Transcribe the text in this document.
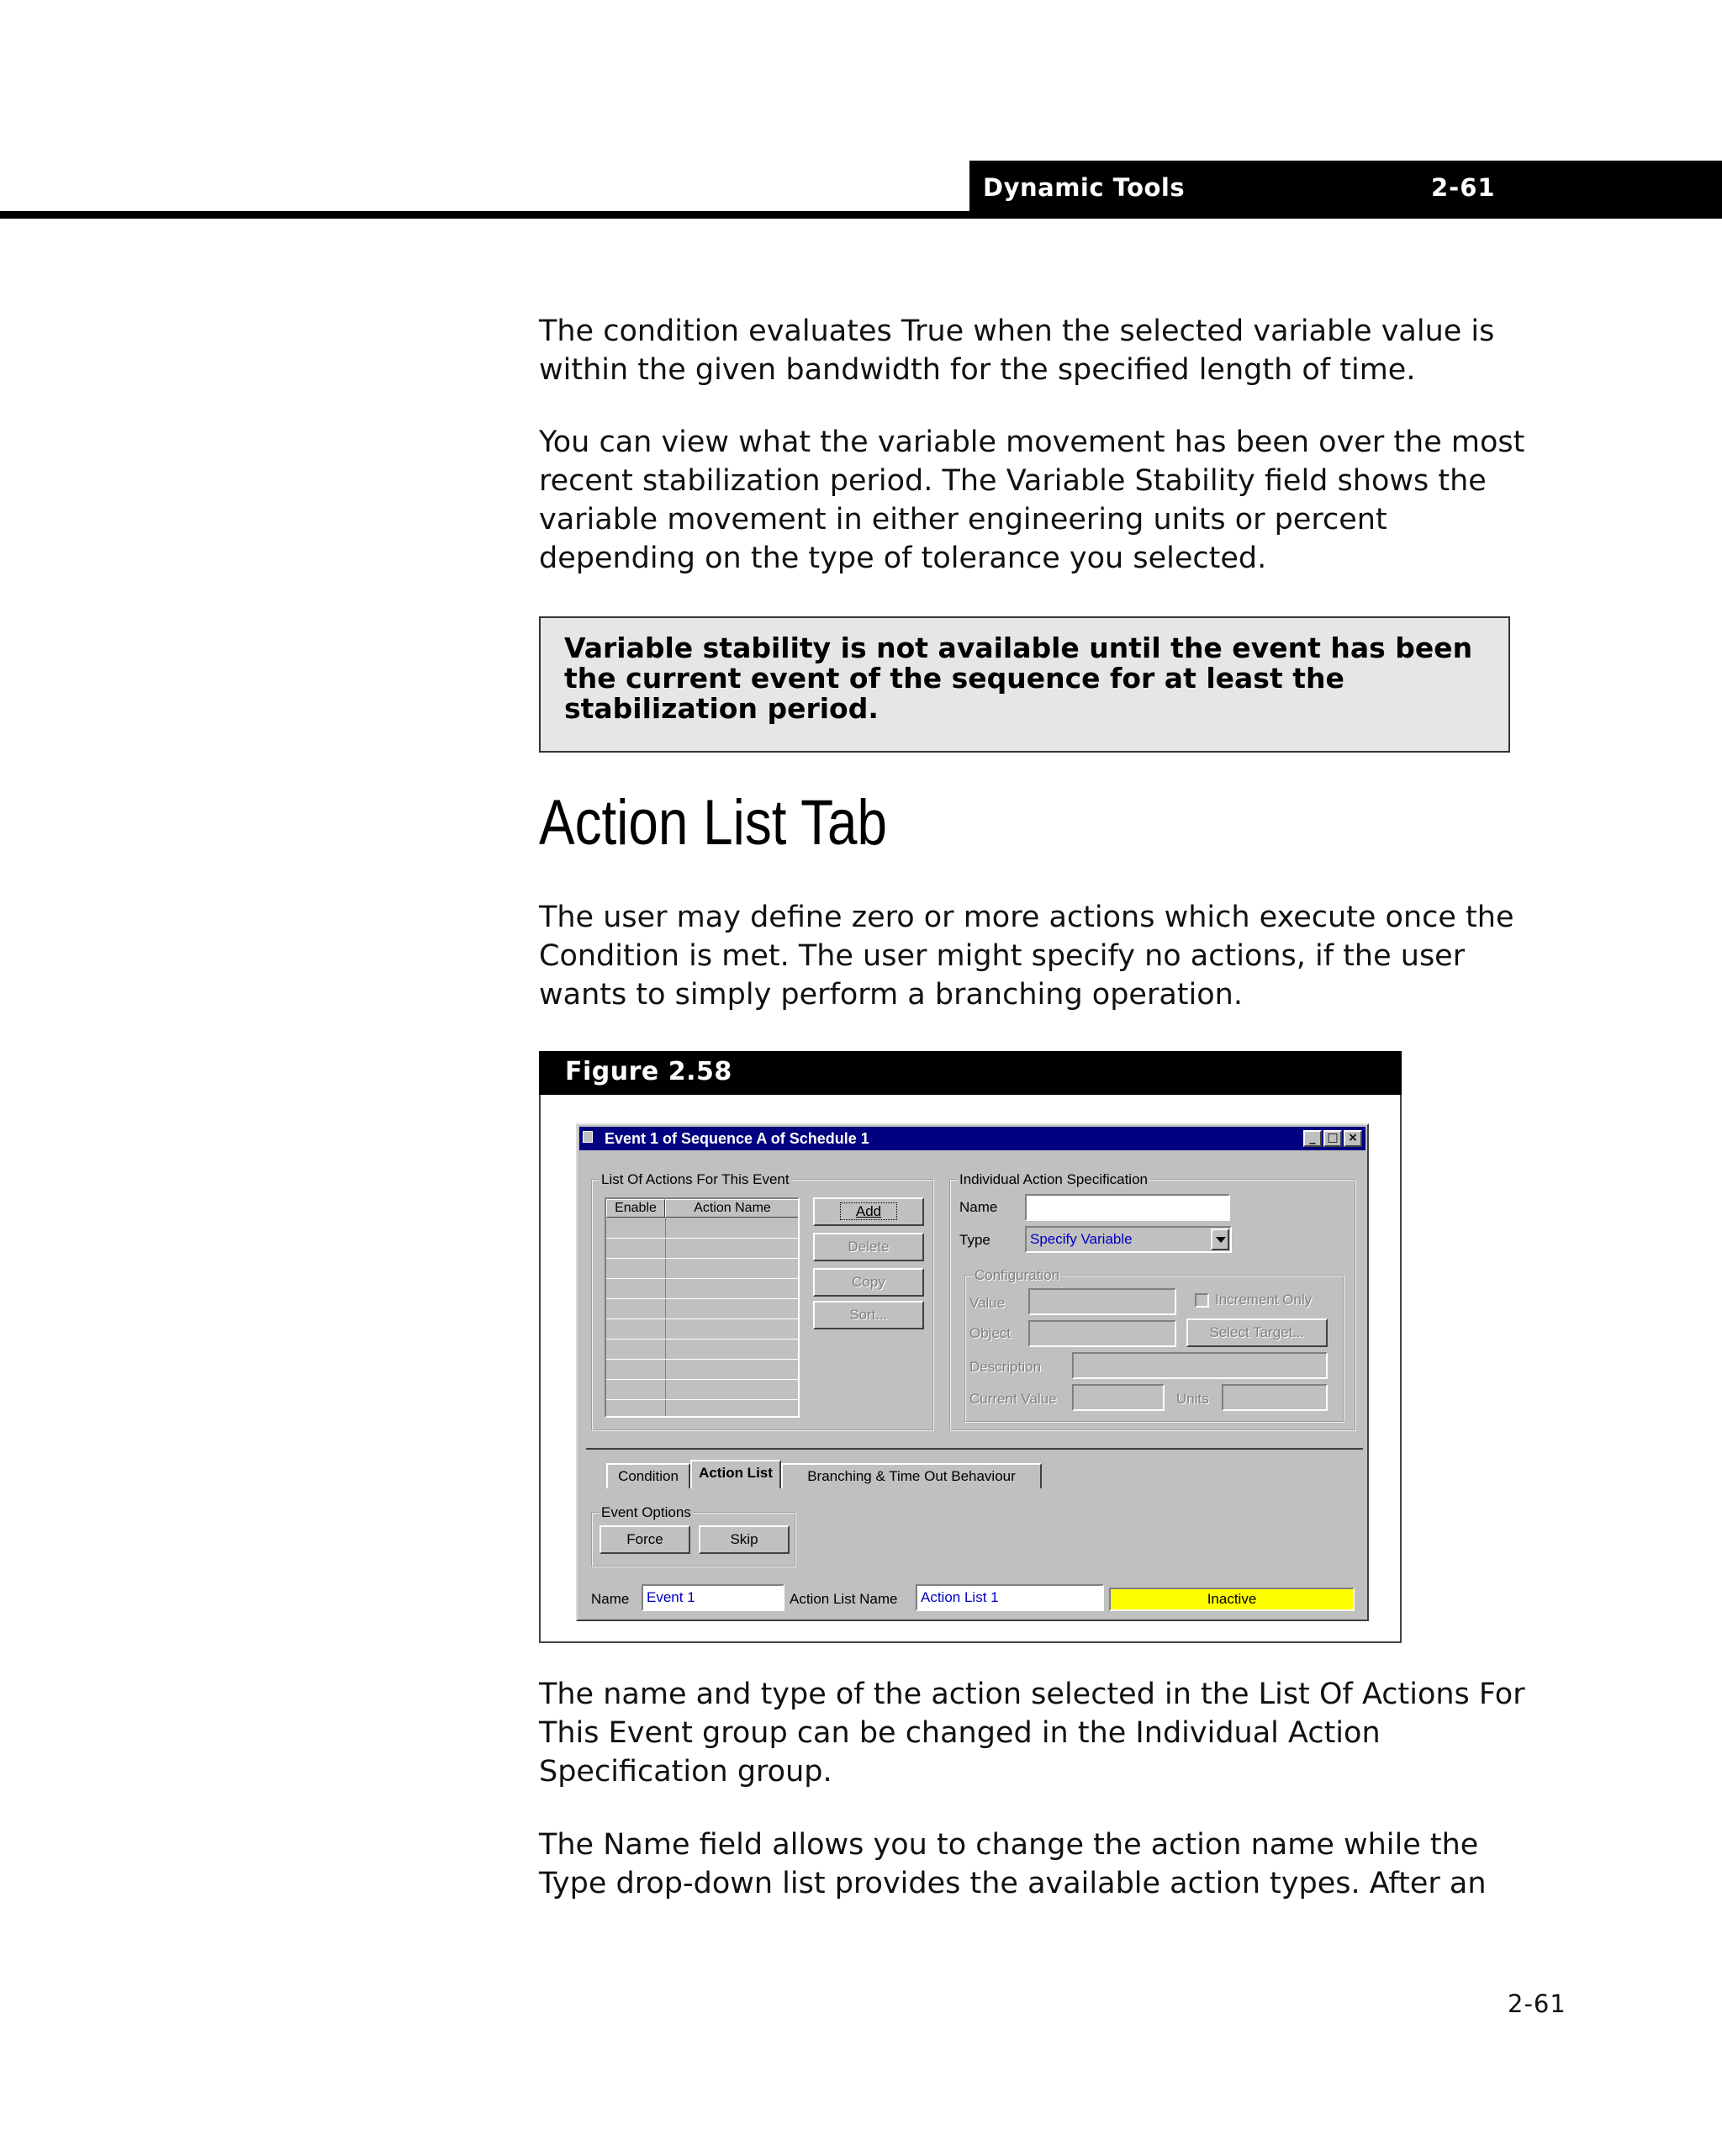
Dynamic Tools	2-61

The condition evaluates True when the selected variable value is within the given bandwidth for the specified length of time.

You can view what the variable movement has been over the most recent stabilization period. The Variable Stability field shows the variable movement in either engineering units or percent depending on the type of tolerance you selected.

Variable stability is not available until the event has been the current event of the sequence for at least the stabilization period.
Action List Tab

The user may define zero or more actions which execute once the Condition is met. The user might specify no actions, if the user wants to simply perform a branching operation.

Figure 2.58
Event 1 of Sequence A of Schedule 1	_ □ ×
List Of Actions For This Event
Enable	Action Name	Add
Delete
Copy
Sort...
Individual Action Specification
Name
Type	Specify Variable
Configuration
Value	Increment Only
Object	Select Target...
Description
Current Value	Units
Condition	Action List	Branching & Time Out Behaviour
Event Options
Force	Skip
Name	Event 1	Action List Name	Action List 1	Inactive

The name and type of the action selected in the List Of Actions For This Event group can be changed in the Individual Action Specification group.

The Name field allows you to change the action name while the Type drop-down list provides the available action types. After an

2-61
